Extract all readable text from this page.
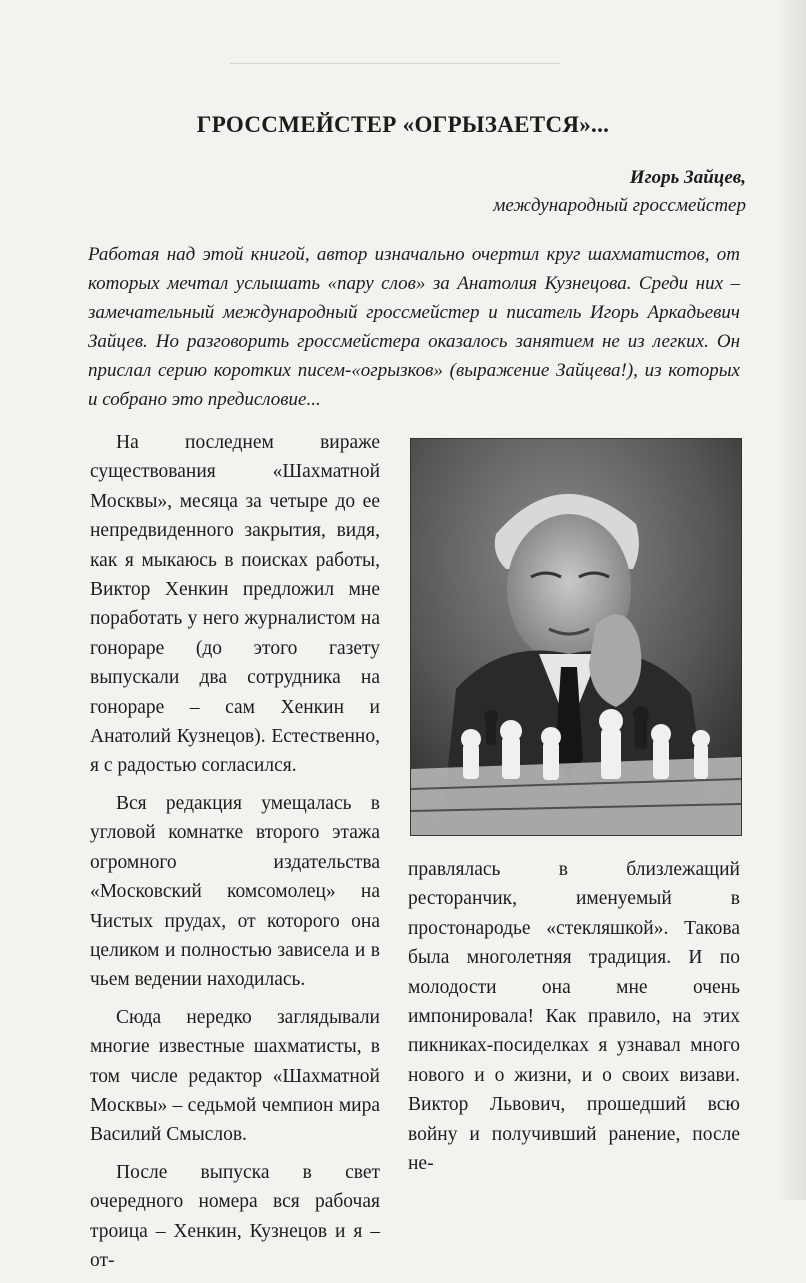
ГРОССМЕЙСТЕР «ОГРЫЗАЕТСЯ»...
Игорь Зайцев,
международный гроссмейстер
Работая над этой книгой, автор изначально очертил круг шахматистов, от которых мечтал услышать «пару слов» за Анатолия Кузнецова. Среди них – замечательный международный гроссмейстер и писатель Игорь Аркадьевич Зайцев. Но разговорить гроссмейстера оказалось занятием не из легких. Он прислал серию коротких писем-«огрызков» (выражение Зайцева!), из которых и собрано это предисловие...

На последнем вираже существования «Шахматной Москвы», месяца за четыре до ее непредвиденного закрытия, видя, как я мыкаюсь в поисках работы, Виктор Хенкин предложил мне поработать у него журналистом на гонораре (до этого газету выпускали два сотрудника на гонораре – сам Хенкин и Анатолий Кузнецов). Естественно, я с радостью согласился.

Вся редакция умещалась в угловой комнатке второго этажа огромного издательства «Московский комсомолец» на Чистых прудах, от которого она целиком и полностью зависела и в чьем ведении находилась.

Сюда нередко заглядывали многие известные шахматисты, в том числе редактор «Шахматной Москвы» – седьмой чемпион мира Василий Смыслов.

После выпуска в свет очередного номера вся рабочая троица – Хенкин, Кузнецов и я – от-

правлялась в близлежащий ресторанчик, именуемый в простонародье «стекляшкой». Такова была многолетняя традиция. И по молодости она мне очень импонировала! Как правило, на этих пикниках-посиделках я узнавал много нового и о жизни, и о своих визави. Виктор Львович, прошедший всю войну и получивший ранение, после не-
